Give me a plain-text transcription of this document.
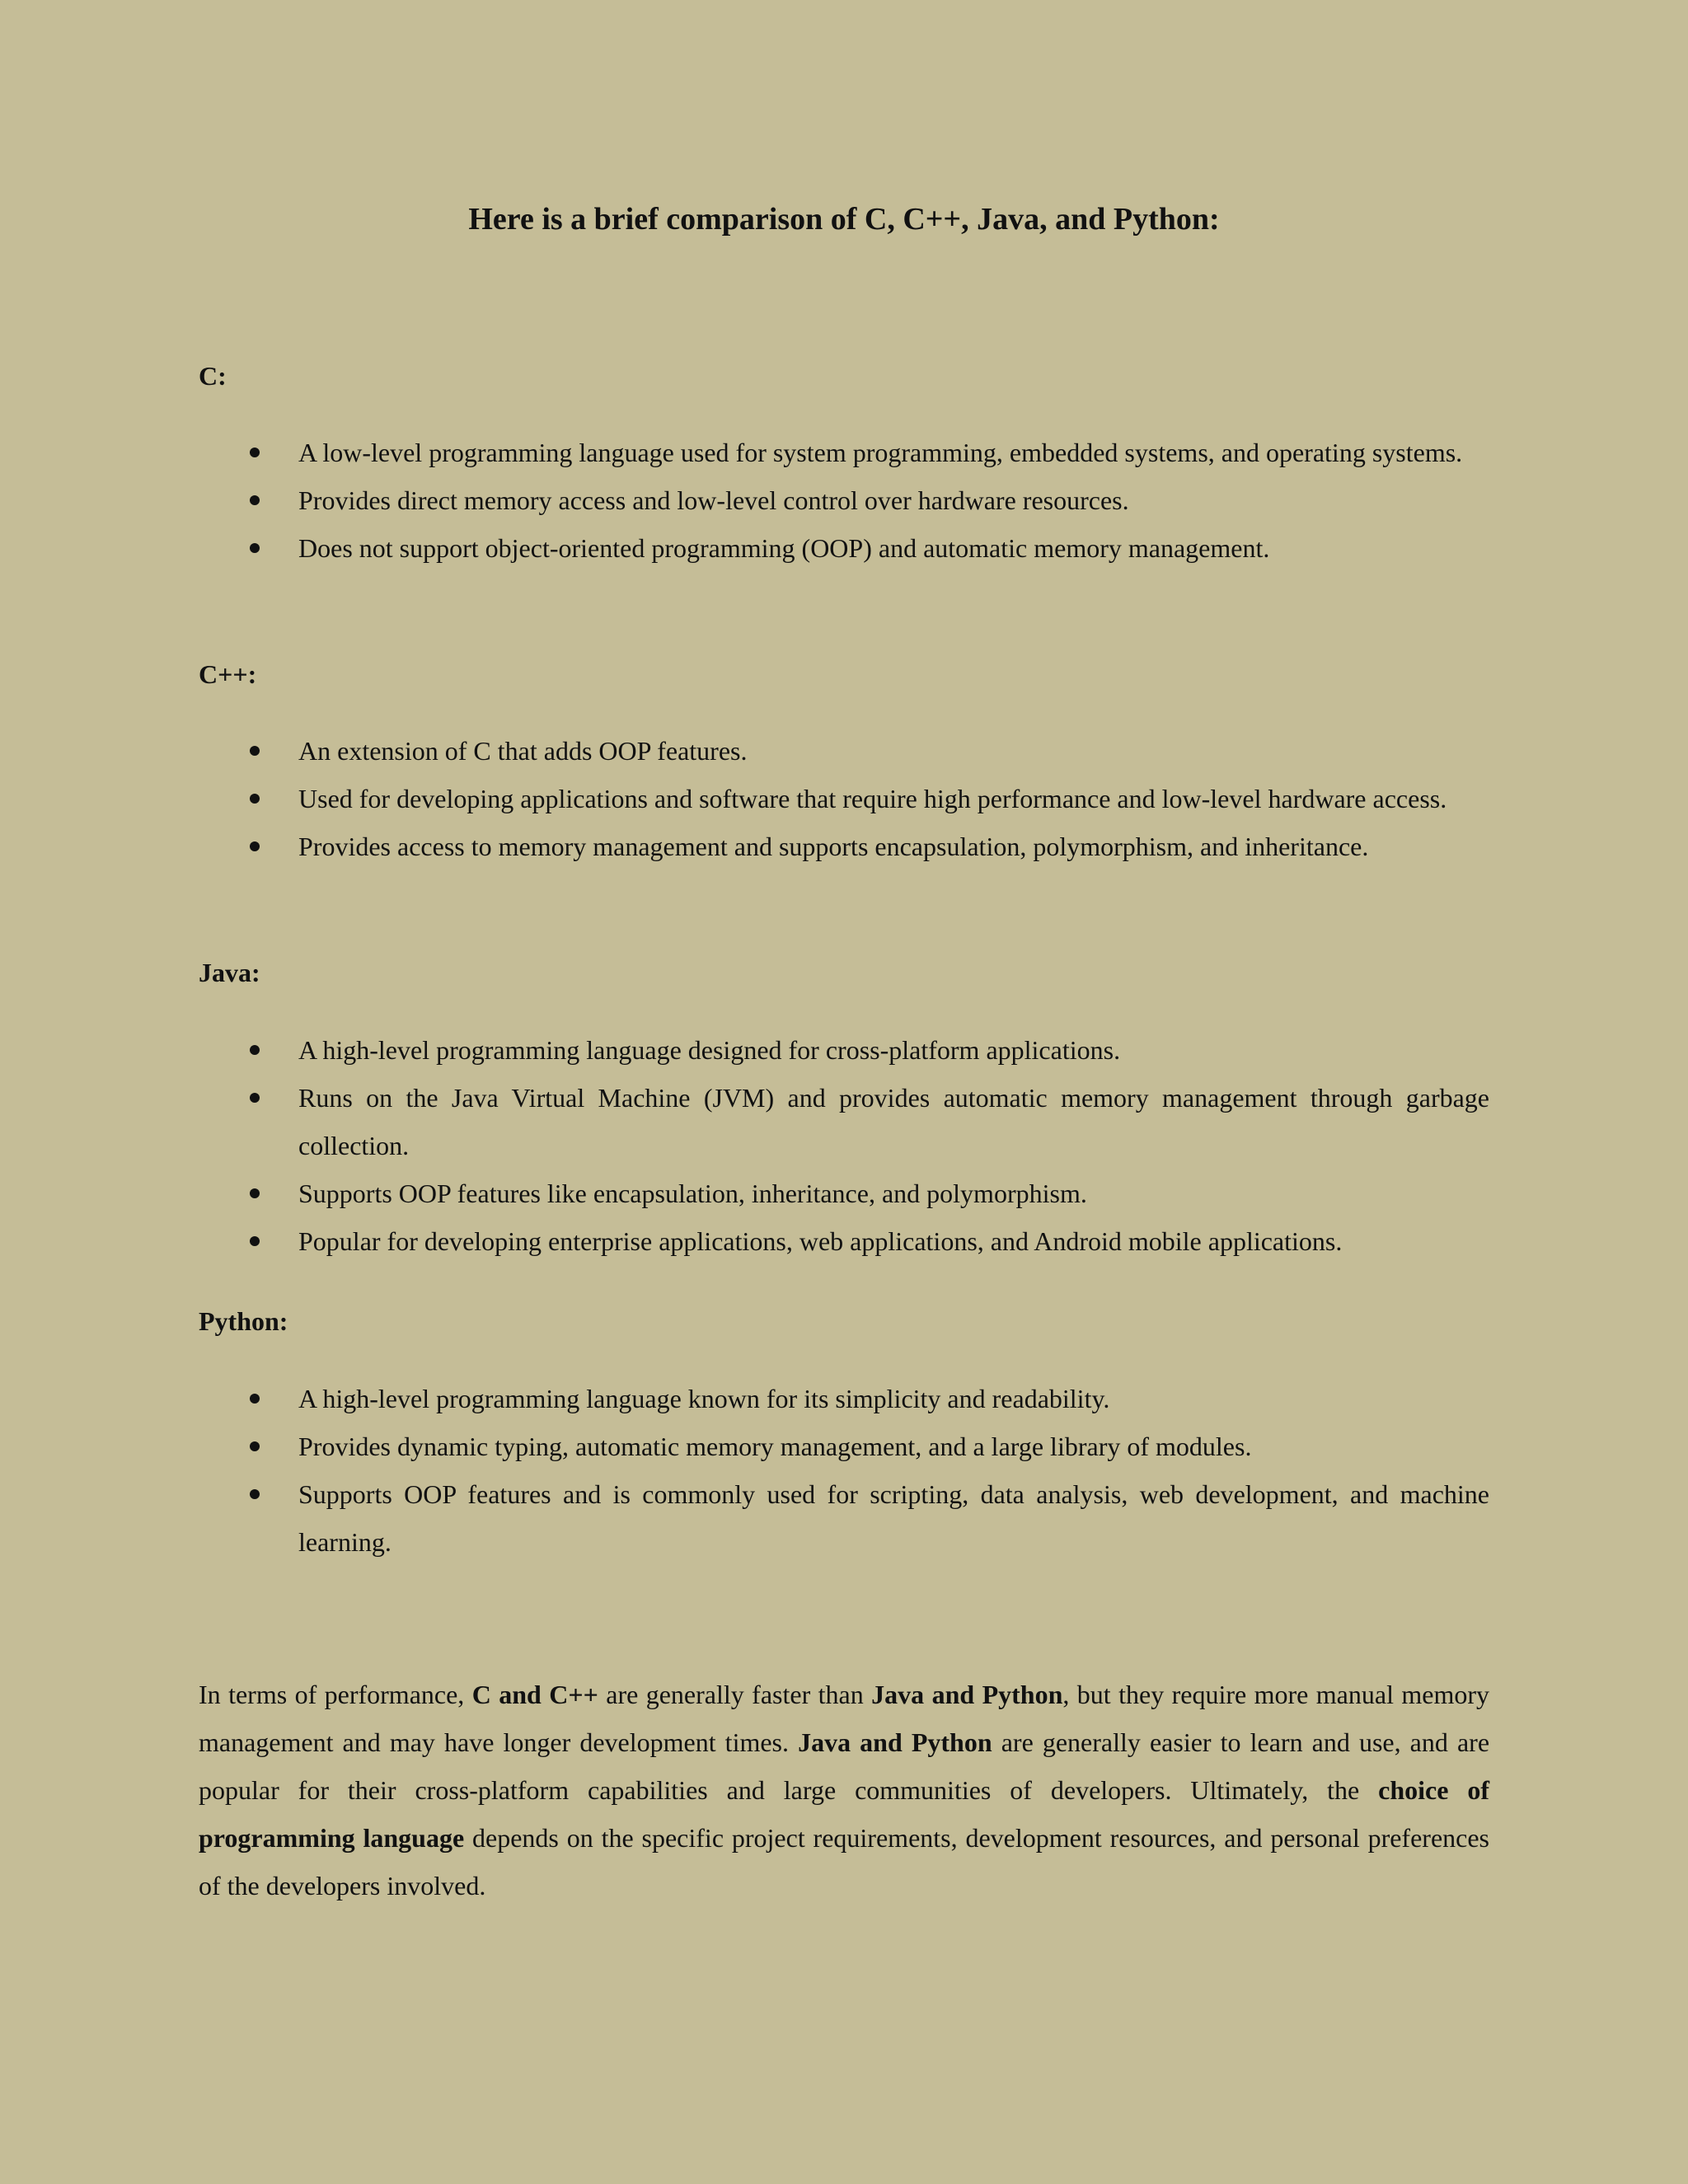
Here is a brief comparison of C, C++, Java, and Python:
C:
A low-level programming language used for system programming, embedded systems, and operating systems.
Provides direct memory access and low-level control over hardware resources.
Does not support object-oriented programming (OOP) and automatic memory management.
C++:
An extension of C that adds OOP features.
Used for developing applications and software that require high performance and low-level hardware access.
Provides access to memory management and supports encapsulation, polymorphism, and inheritance.
Java:
A high-level programming language designed for cross-platform applications.
Runs on the Java Virtual Machine (JVM) and provides automatic memory management through garbage collection.
Supports OOP features like encapsulation, inheritance, and polymorphism.
Popular for developing enterprise applications, web applications, and Android mobile applications.
Python:
A high-level programming language known for its simplicity and readability.
Provides dynamic typing, automatic memory management, and a large library of modules.
Supports OOP features and is commonly used for scripting, data analysis, web development, and machine learning.

In terms of performance, C and C++ are generally faster than Java and Python, but they require more manual memory management and may have longer development times. Java and Python are generally easier to learn and use, and are popular for their cross-platform capabilities and large communities of developers. Ultimately, the choice of programming language depends on the specific project requirements, development resources, and personal preferences of the developers involved.
